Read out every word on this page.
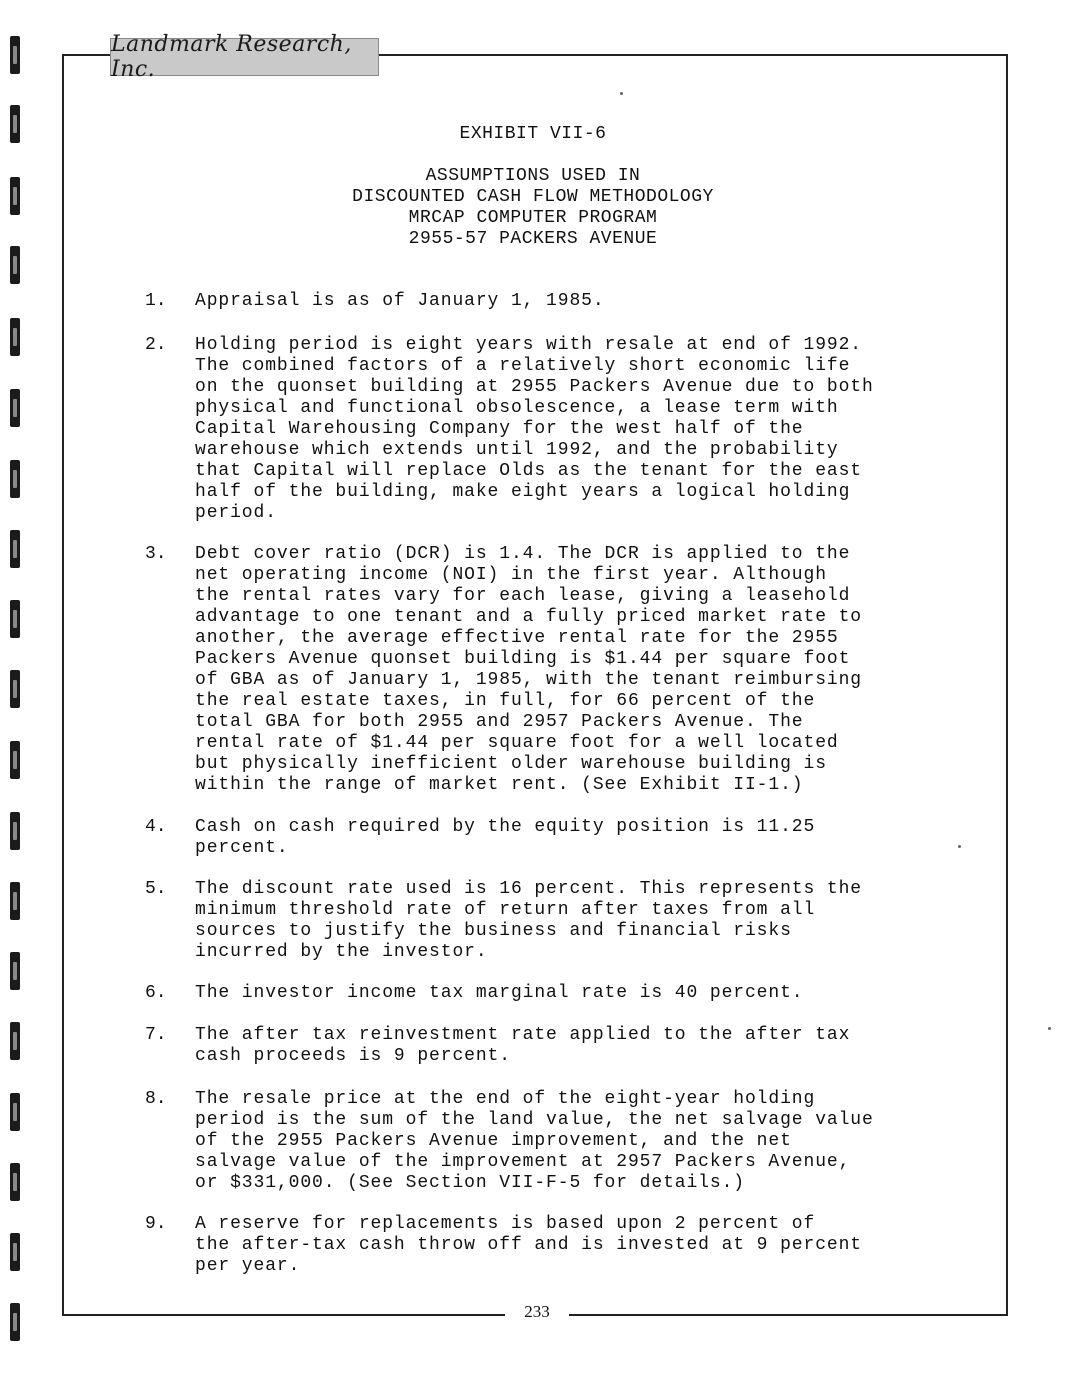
Landmark Research, Inc.
EXHIBIT VII-6
ASSUMPTIONS USED IN
DISCOUNTED CASH FLOW METHODOLOGY
MRCAP COMPUTER PROGRAM
2955-57 PACKERS AVENUE
1. Appraisal is as of January 1, 1985.
2. Holding period is eight years with resale at end of 1992.
The combined factors of a relatively short economic life
on the quonset building at 2955 Packers Avenue due to both
physical and functional obsolescence, a lease term with
Capital Warehousing Company for the west half of the
warehouse which extends until 1992, and the probability
that Capital will replace Olds as the tenant for the east
half of the building, make eight years a logical holding
period.
3. Debt cover ratio (DCR) is 1.4. The DCR is applied to the
net operating income (NOI) in the first year. Although
the rental rates vary for each lease, giving a leasehold
advantage to one tenant and a fully priced market rate to
another, the average effective rental rate for the 2955
Packers Avenue quonset building is $1.44 per square foot
of GBA as of January 1, 1985, with the tenant reimbursing
the real estate taxes, in full, for 66 percent of the
total GBA for both 2955 and 2957 Packers Avenue. The
rental rate of $1.44 per square foot for a well located
but physically inefficient older warehouse building is
within the range of market rent. (See Exhibit II-1.)
4. Cash on cash required by the equity position is 11.25
percent.
5. The discount rate used is 16 percent. This represents the
minimum threshold rate of return after taxes from all
sources to justify the business and financial risks
incurred by the investor.
6. The investor income tax marginal rate is 40 percent.
7. The after tax reinvestment rate applied to the after tax
cash proceeds is 9 percent.
8. The resale price at the end of the eight-year holding
period is the sum of the land value, the net salvage value
of the 2955 Packers Avenue improvement, and the net
salvage value of the improvement at 2957 Packers Avenue,
or $331,000. (See Section VII-F-5 for details.)
9. A reserve for replacements is based upon 2 percent of
the after-tax cash throw off and is invested at 9 percent
per year.
233
